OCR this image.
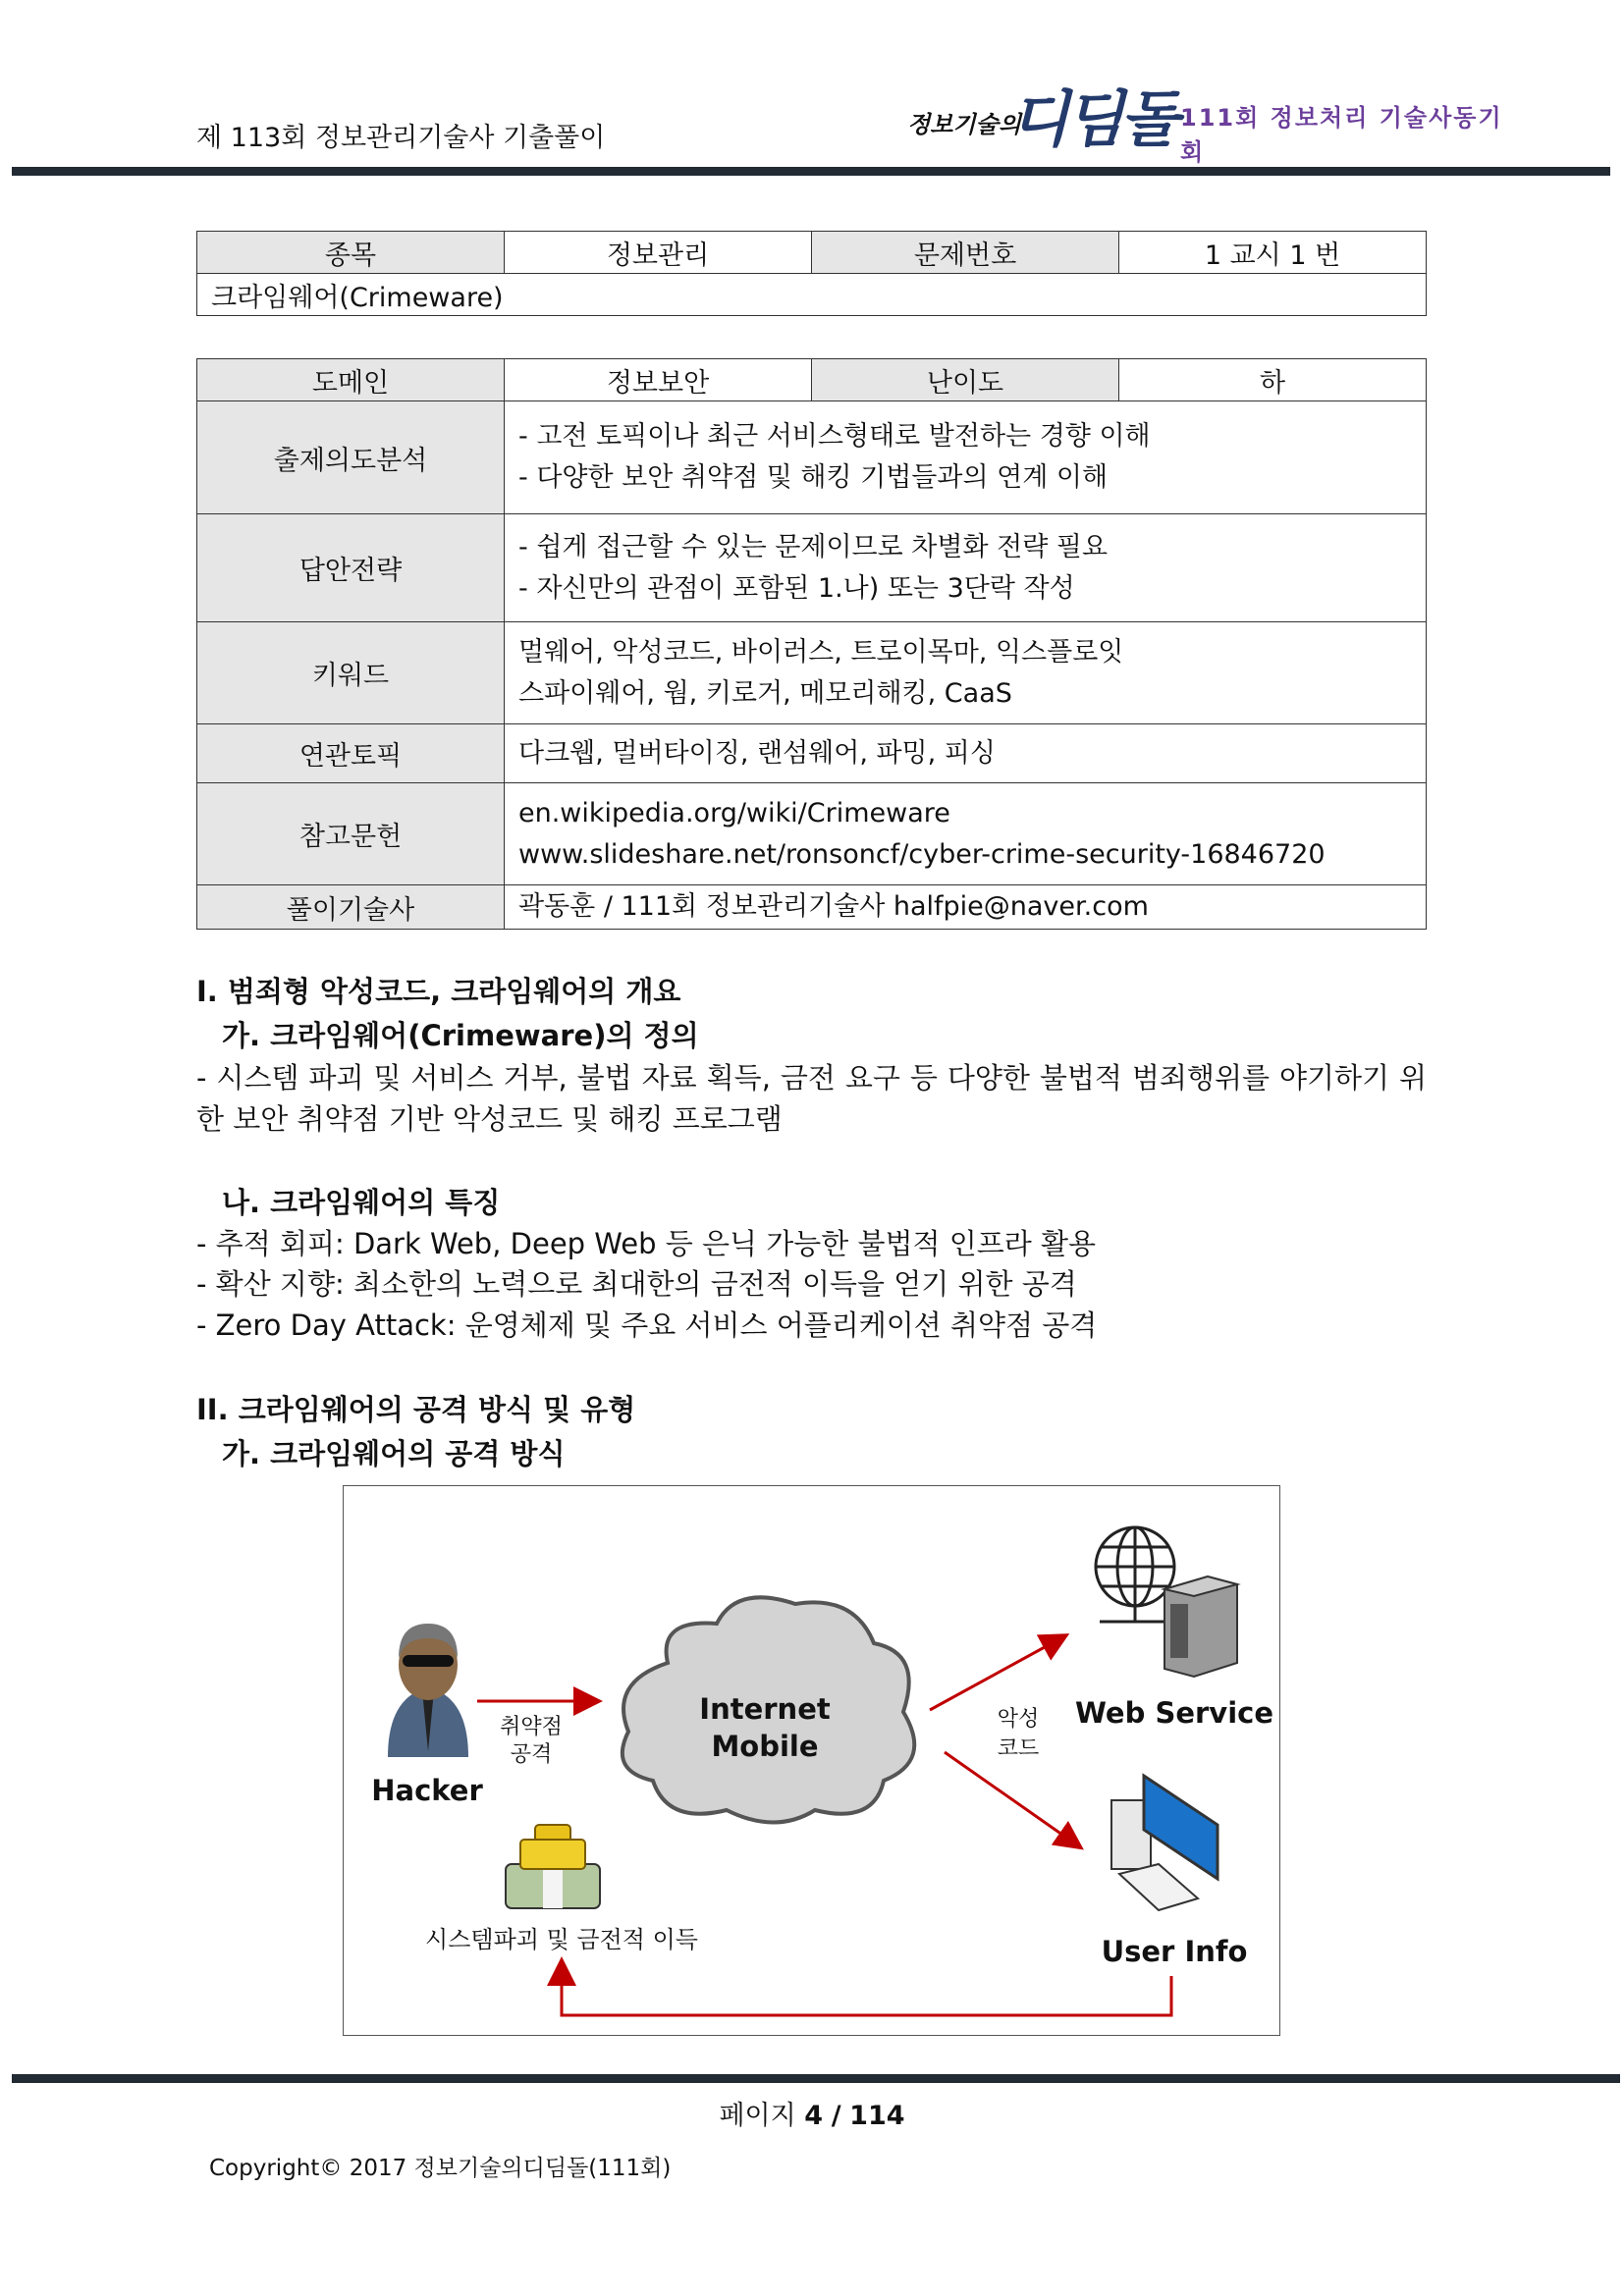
제 113회 정보관리기술사 기출풀이	정보기술의
디딤돌 111회 정보처리 기술사동기회
종목	정보관리	문제번호	1 교시 1 번
크라임웨어(Crimeware)
도메인	정보보안	난이도	하
출제의도분석	- 고전 토픽이나 최근 서비스형태로 발전하는 경향 이해
- 다양한 보안 취약점 및 해킹 기법들과의 연계 이해		

답안전략	- 쉽게 접근할 수 있는 문제이므로 차별화 전략 필요
- 자신만의 관점이 포함된 1.나) 또는 3단락 작성		

키워드	멀웨어, 악성코드, 바이러스, 트로이목마, 익스플로잇
스파이웨어, 웜, 키로거, 메모리해킹, CaaS		

연관토픽	다크웹, 멀버타이징, 랜섬웨어, 파밍, 피싱		

참고문헌	en.wikipedia.org/wiki/Crimeware
www.slideshare.net/ronsoncf/cyber-crime-security-16846720		

풀이기술사	곽동훈 / 111회 정보관리기술사 halfpie@naver.com		
I. 범죄형 악성코드, 크라임웨어의 개요
가. 크라임웨어(Crimeware)의 정의
- 시스템 파괴 및 서비스 거부, 불법 자료 획득, 금전 요구 등 다양한 불법적 범죄행위를 야기하기 위한 보안 취약점 기반 악성코드 및 해킹 프로그램
나. 크라임웨어의 특징
- 추적 회피: Dark Web, Deep Web 등 은닉 가능한 불법적 인프라 활용
- 확산 지향: 최소한의 노력으로 최대한의 금전적 이득을 얻기 위한 공격
- Zero Day Attack: 운영체제 및 주요 서비스 어플리케이션 취약점 공격
II. 크라임웨어의 공격 방식 및 유형
가. 크라임웨어의 공격 방식
Hacker
취약점
공격
Internet
Mobile
악성
코드
Web Service
User Info
시스템파괴 및 금전적 이득
페이지 4 / 114
Copyright© 2017 정보기술의디딤돌(111회)
